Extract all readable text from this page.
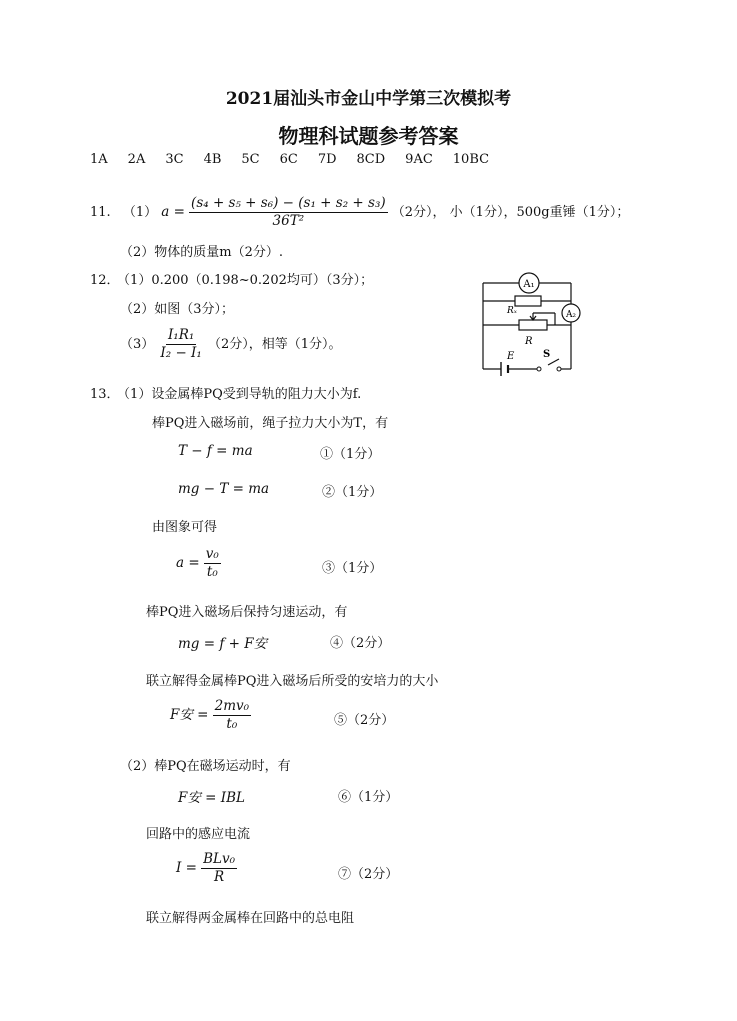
2021届汕头市金山中学第三次模拟考
物理科试题参考答案
1A 2A 3C 4B 5C 6C 7D 8CD 9AC 10BC
11. （1） $a = \frac{\text{(s₄ + s₅ + s₆) − (s₁ + s₂ + s₃)}}{\text{36T²}} (2$分）， 小（1分），500g重锤（1分）；
（2）物体的质量m（2分）.
12． （1）0.200（0.198~0.202均可）（3分）；
（2）如图（3分）；
$(3) \frac{\text{I₁R₁}}{\text{I₂ − I₁}} (2$分），相等（1分）。
A₁
A₂
Rₓ
R
E	S
13． （1）设金属棒PQ受到导轨的阻力大小为f.
棒PQ进入磁场前，绳子拉力大小为T，有
T − f = ma	①（1分）
mg − T = ma	②（1分）
由图象可得
$a = \frac{\text{v₀}}{\text{t₀}}$	③（1分）
棒PQ进入磁场后保持匀速运动，有
mg = f + F安	④（2分）
联立解得金属棒PQ进入磁场后所受的安培力的大小
F安 = $\frac{\text{2mv₀}}{\text{t₀}}$	⑤（2分）
（2）棒PQ在磁场运动时，有
F安 = IBL	⑥（1分）
回路中的感应电流
$I = \frac{\text{BLv₀}}{R}$	⑦（2分）
联立解得两金属棒在回路中的总电阻
